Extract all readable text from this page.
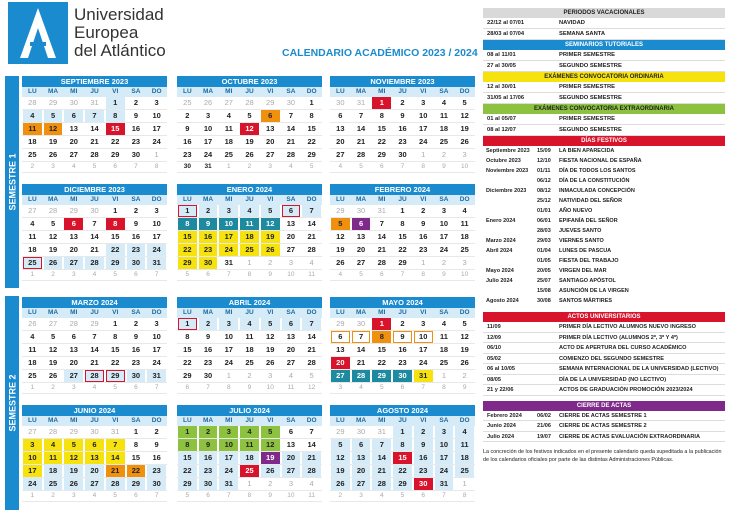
Universidad
Europea
del Atlántico	CALENDARIO ACADÉMICO 2023 / 2024
SEMESTRE 1
SEMESTRE 2
SEPTIEMBRE 2023
LU	MA	MI	JU	VI	SA	DO
28	29	30	31	1	2	3
4	5	6	7	8	9	10
11	12	13	14	15	16	17
18	19	20	21	22	23	24
25	26	27	28	29	30	1
2	3	4	5	6	7	8
OCTUBRE 2023
LU	MA	MI	JU	VI	SA	DO
25	26	27	28	29	30	1
2	3	4	5	6	7	8
9	10	11	12	13	14	15
16	17	18	19	20	21	22
23	24	25	26	27	28	29
30	31	1	2	3	4	5
NOVIEMBRE 2023
LU	MA	MI	JU	VI	SA	DO
30	31	1	2	3	4	5
6	7	8	9	10	11	12
13	14	15	16	17	18	19
20	21	22	23	24	25	26
27	28	29	30	1	2	3
4	5	6	7	8	9	10
DICIEMBRE 2023
LU	MA	MI	JU	VI	SA	DO
27	28	29	30	1	2	3
4	5	6	7	8	9	10
11	12	13	14	15	16	17
18	19	20	21	22	23	24
25	26	27	28	29	30	31
1	2	3	4	5	6	7
ENERO 2024
LU	MA	MI	JU	VI	SA	DO
1	2	3	4	5	6	7
8	9	10	11	12	13	14
15	16	17	18	19	20	21
22	23	24	25	26	27	28
29	30	31	1	2	3	4
5	6	7	8	9	10	11
FEBRERO 2024
LU	MA	MI	JU	VI	SA	DO
29	30	31	1	2	3	4
5	6	7	8	9	10	11
12	13	14	15	16	17	18
19	20	21	22	23	24	25
26	27	28	29	1	2	3
4	5	6	7	8	9	10
MARZO 2024
LU	MA	MI	JU	VI	SA	DO
26	27	28	29	1	2	3
4	5	6	7	8	9	10
11	12	13	14	15	16	17
18	19	20	21	22	23	24
25	26	27	28	29	30	31
1	2	3	4	5	6	7
ABRIL 2024
LU	MA	MI	JU	VI	SA	DO
1	2	3	4	5	6	7
8	9	10	11	12	13	14
15	16	17	18	19	20	21
22	23	24	25	26	27	28
29	30	1	2	3	4	5
6	7	8	9	10	11	12
MAYO 2024
LU	MA	MI	JU	VI	SA	DO
29	30	1	2	3	4	5
6	7	8	9	10	11	12
13	14	15	16	17	18	19
20	21	22	23	24	25	26
27	28	29	30	31	1	2
3	4	5	6	7	8	9
JUNIO 2024
LU	MA	MI	JU	VI	SA	DO
27	28	29	30	31	1	2
3	4	5	6	7	8	9
10	11	12	13	14	15	16
17	18	19	20	21	22	23
24	25	26	27	28	29	30
1	2	3	4	5	6	7
JULIO 2024
LU	MA	MI	JU	VI	SA	DO
1	2	3	4	5	6	7
8	9	10	11	12	13	14
15	16	17	18	19	20	21
22	23	24	25	26	27	28
29	30	31	1	2	3	4
5	6	7	8	9	10	11
AGOSTO 2024
LU	MA	MI	JU	VI	SA	DO
29	30	31	1	2	3	4
5	6	7	8	9	10	11
12	13	14	15	16	17	18
19	20	21	22	23	24	25
26	27	28	29	30	31	1
2	3	4	5	6	7	8
PERIODOS VACACIONALES
22/12 al 07/01	NAVIDAD
28/03 al 07/04	SEMANA SANTA
SEMINARIOS TUTORIALES
08 al 11/01	PRIMER SEMESTRE
27 al 30/05	SEGUNDO SEMESTRE
EXÁMENES CONVOCATORIA ORDINARIA
12 al 30/01	PRIMER SEMESTRE
31/05 al 17/06	SEGUNDO SEMESTRE
EXÁMENES CONVOCATORIA EXTRAORDINARIA
01 al 05/07	PRIMER SEMESTRE
08 al 12/07	SEGUNDO SEMESTRE
DÍAS FESTIVOS
Septiembre 2023	15/09	LA BIEN APARECIDA
Octubre 2023	12/10	FIESTA NACIONAL DE ESPAÑA
Noviembre 2023	01/11	DÍA DE TODOS LOS SANTOS
06/12	DÍA DE LA CONSTITUCIÓN
Diciembre 2023	08/12	INMACULADA CONCEPCIÓN
25/12	NATIVIDAD DEL SEÑOR
01/01	AÑO NUEVO
Enero 2024	06/01	EPIFANÍA DEL SEÑOR
28/03	JUEVES SANTO
Marzo 2024	29/03	VIERNES SANTO
Abril 2024	01/04	LUNES DE PASCUA
01/05	FIESTA DEL TRABAJO
Mayo 2024	20/05	VIRGEN DEL MAR
Julio 2024	25/07	SANTIAGO APÓSTOL
15/08	ASUNCIÓN DE LA VIRGEN
Agosto 2024	30/08	SANTOS MÁRTIRES
ACTOS UNIVERSITARIOS
11/09	PRIMER DÍA LECTIVO ALUMNOS NUEVO INGRESO
12/09	PRIMER DÍA LECTIVO (ALUMNOS 2º, 3º Y 4º)
06/10	ACTO DE APERTURA DEL CURSO ACADÉMICO
05/02	COMIENZO DEL SEGUNDO SEMESTRE
06 al 10/05	SEMANA INTERNACIONAL DE LA UNIVERSIDAD (LECTIVO)
08/05	DÍA DE LA UNIVERSIDAD (NO LECTIVO)
21 y 22/06	ACTOS DE GRADUACIÓN PROMOCIÓN 2023/2024
CIERRE DE ACTAS
Febrero 2024	06/02	CIERRE DE ACTAS SEMESTRE 1
Junio 2024	21/06	CIERRE DE ACTAS SEMESTRE 2
Julio 2024	19/07	CIERRE DE ACTAS EVALUACIÓN EXTRAORDINARIA
La concreción de los festivos indicados en el presente calendario queda supeditada a la publicación de los calendarios oficiales por parte de las distintas Administraciones Públicas.
